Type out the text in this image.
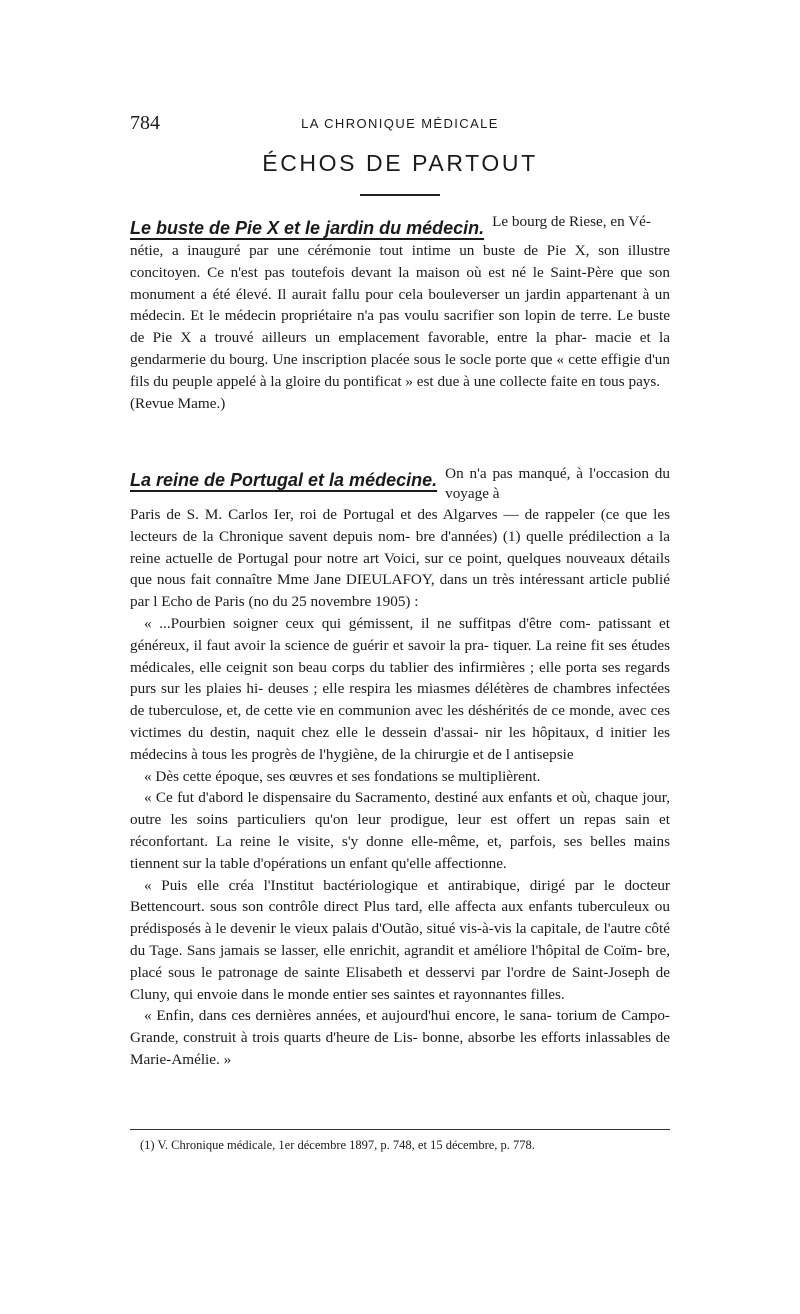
784	LA CHRONIQUE MÉDICALE
ÉCHOS DE PARTOUT
Le buste de Pie X et le jardin du médecin. Le bourg de Riese, en Vé-

nétie, a inauguré par une cérémonie tout intime un buste de Pie X, son illustre concitoyen. Ce n'est pas toutefois devant la maison où est né le Saint-Père que son monument a été élevé. Il aurait fallu pour cela bouleverser un jardin appartenant à un médecin. Et le médecin propriétaire n'a pas voulu sacrifier son lopin de terre. Le buste de Pie X a trouvé ailleurs un emplacement favorable, entre la phar- macie et la gendarmerie du bourg. Une inscription placée sous le socle porte que « cette effigie d'un fils du peuple appelé à la gloire du pontificat » est due à une collecte faite en tous pays.

(Revue Mame.)

La reine de Portugal et la médecine. On n'a pas manqué, à l'occasion du voyage à

Paris de S. M. Carlos Ier, roi de Portugal et des Algarves — de rappeler (ce que les lecteurs de la Chronique savent depuis nom- bre d'années) (1) quelle prédilection a la reine actuelle de Portugal pour notre art Voici, sur ce point, quelques nouveaux détails que nous fait connaître Mme Jane DIEULAFOY, dans un très intéressant article publié par l Echo de Paris (no du 25 novembre 1905) :

« ...Pourbien soigner ceux qui gémissent, il ne suffitpas d'être com- patissant et généreux, il faut avoir la science de guérir et savoir la pra- tiquer. La reine fit ses études médicales, elle ceignit son beau corps du tablier des infirmières ; elle porta ses regards purs sur les plaies hi- deuses ; elle respira les miasmes délétères de chambres infectées de tuberculose, et, de cette vie en communion avec les déshérités de ce monde, avec ces victimes du destin, naquit chez elle le dessein d'assai- nir les hôpitaux, d initier les médecins à tous les progrès de l'hygiène, de la chirurgie et de l antisepsie

« Dès cette époque, ses œuvres et ses fondations se multiplièrent.

« Ce fut d'abord le dispensaire du Sacramento, destiné aux enfants et où, chaque jour, outre les soins particuliers qu'on leur prodigue, leur est offert un repas sain et réconfortant. La reine le visite, s'y donne elle-même, et, parfois, ses belles mains tiennent sur la table d'opérations un enfant qu'elle affectionne.

« Puis elle créa l'Institut bactériologique et antirabique, dirigé par le docteur Bettencourt. sous son contrôle direct Plus tard, elle affecta aux enfants tuberculeux ou prédisposés à le devenir le vieux palais d'Outão, situé vis-à-vis la capitale, de l'autre côté du Tage. Sans jamais se lasser, elle enrichit, agrandit et améliore l'hôpital de Coïm- bre, placé sous le patronage de sainte Elisabeth et desservi par l'ordre de Saint-Joseph de Cluny, qui envoie dans le monde entier ses saintes et rayonnantes filles.

« Enfin, dans ces dernières années, et aujourd'hui encore, le sana- torium de Campo-Grande, construit à trois quarts d'heure de Lis- bonne, absorbe les efforts inlassables de Marie-Amélie. »

(1) V. Chronique médicale, 1er décembre 1897, p. 748, et 15 décembre, p. 778.
